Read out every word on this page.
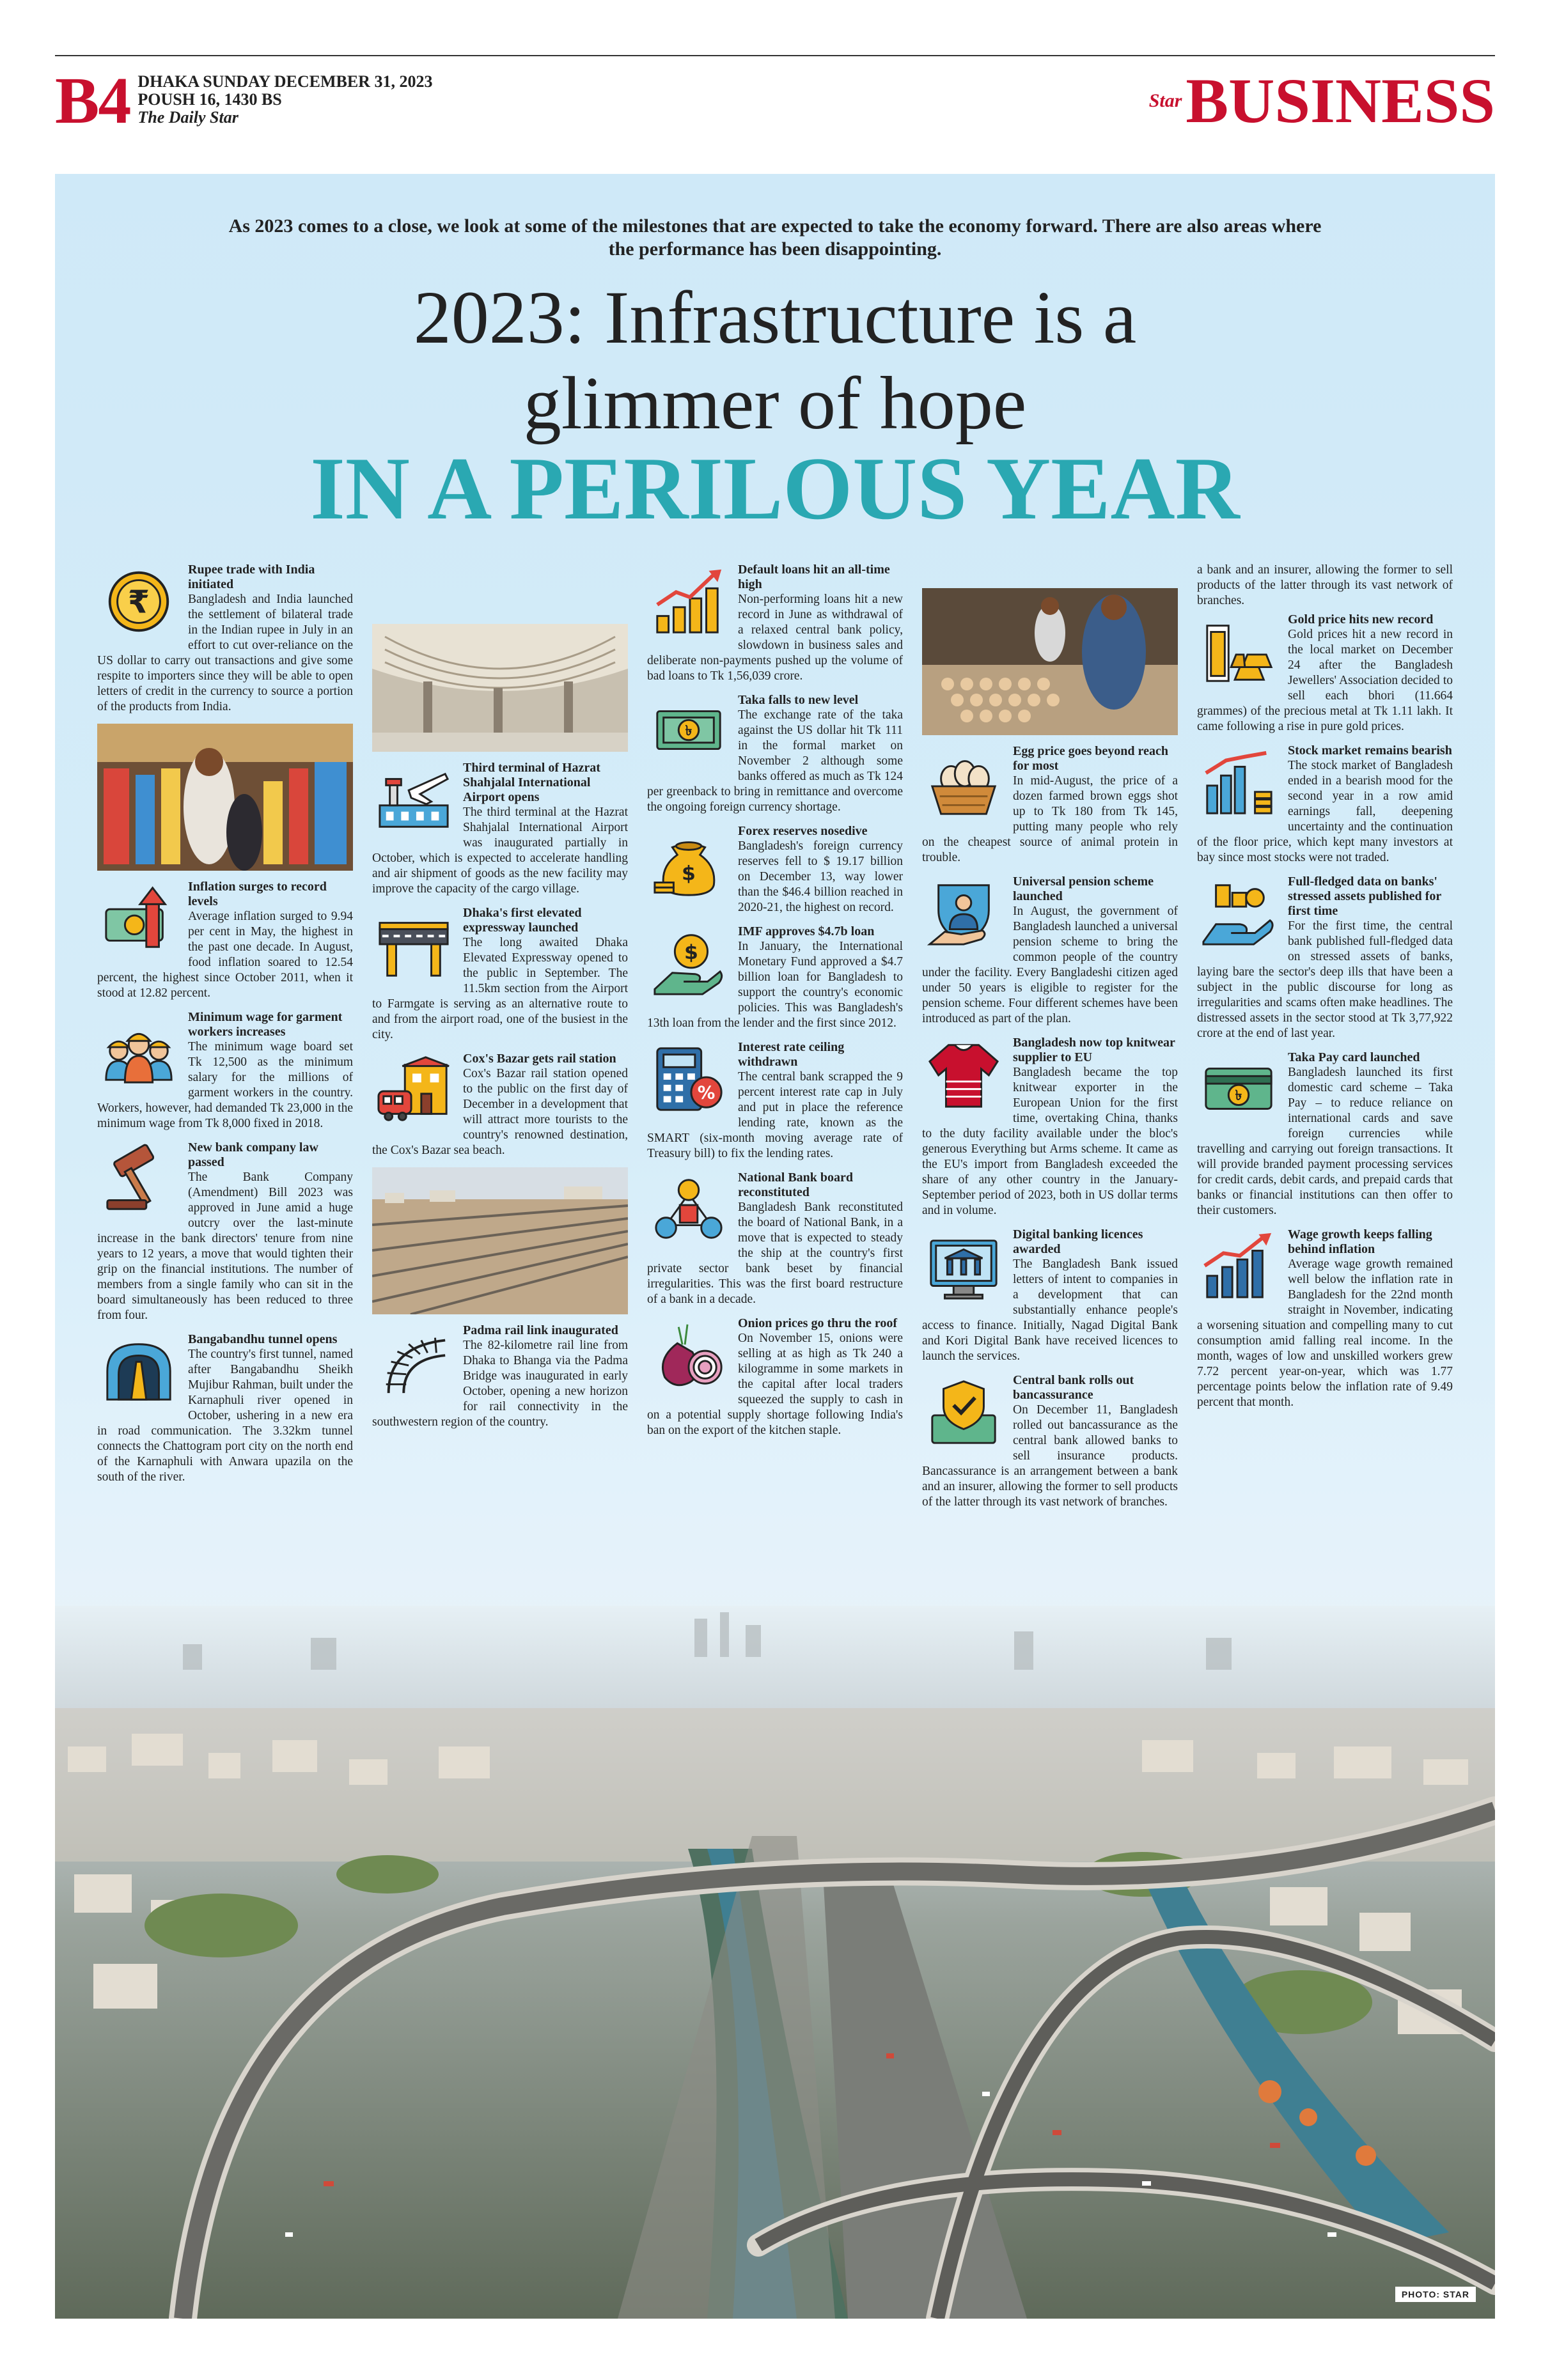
B4 DHAKA SUNDAY DECEMBER 31, 2023
POUSH 16, 1430 BS
The Daily Star
Star BUSINESS
As 2023 comes to a close, we look at some of the milestones that are expected to take the economy forward. There are also areas where the performance has been disappointing.
2023: Infrastructure is a
glimmer of hope
IN A PERILOUS YEAR
₹

Rupee trade with India initiated

Bangladesh and India launched the settlement of bilateral trade in the Indian rupee in July in an effort to cut over-reliance on the US dollar to carry out transactions and give some respite to importers since they will be able to open letters of credit in the currency to source a portion of the products from India.

Inflation surges to record levels

Average inflation surged to 9.94 per cent in May, the highest in the past one decade. In August, food inflation soared to 12.54 percent, the highest since October 2011, when it stood at 12.82 percent.

Minimum wage for garment workers increases

The minimum wage board set Tk 12,500 as the minimum salary for the millions of garment workers in the country. Workers, however, had demanded Tk 23,000 in the minimum wage from Tk 8,000 fixed in 2018.

New bank company law passed

The Bank Company (Amendment) Bill 2023 was approved in June amid a huge outcry over the last-minute increase in the bank directors' tenure from nine years to 12 years, a move that would tighten their grip on the financial institutions. The number of members from a single family who can sit in the board simultaneously has been reduced to three from four.

Bangabandhu tunnel opens

The country's first tunnel, named after Bangabandhu Sheikh Mujibur Rahman, built under the Karnaphuli river opened in October, ushering in a new era in road communication. The 3.32km tunnel connects the Chattogram port city on the north end of the Karnaphuli with Anwara upazila on the south of the river.

Third terminal of Hazrat Shahjalal International Airport opens

The third terminal at the Hazrat Shahjalal International Airport was inaugurated partially in October, which is expected to accelerate handling and air shipment of goods as the new facility may improve the capacity of the cargo village.

Dhaka's first elevated expressway launched

The long awaited Dhaka Elevated Expressway opened to the public in September. The 11.5km section from the Airport to Farmgate is serving as an alternative route to and from the airport road, one of the busiest in the city.

Cox's Bazar gets rail station

Cox's Bazar rail station opened to the public on the first day of December in a development that will attract more tourists to the country's renowned destination, the Cox's Bazar sea beach.

Padma rail link inaugurated

The 82-kilometre rail line from Dhaka to Bhanga via the Padma Bridge was inaugurated in early October, opening a new horizon for rail connectivity in the southwestern region of the country.

Default loans hit an all-time high

Non-performing loans hit a new record in June as withdrawal of a relaxed central bank policy, slowdown in business sales and deliberate non-payments pushed up the volume of bad loans to Tk 1,56,039 crore.

৳

Taka falls to new level

The exchange rate of the taka against the US dollar hit Tk 111 in the formal market on November 2 although some banks offered as much as Tk 124 per greenback to bring in remittance and overcome the ongoing foreign currency shortage.

$

Forex reserves nosedive

Bangladesh's foreign currency reserves fell to $ 19.17 billion on December 13, way lower than the $46.4 billion reached in 2020-21, the highest on record.

$

IMF approves $4.7b loan

In January, the International Monetary Fund approved a $4.7 billion loan for Bangladesh to support the country's economic policies. This was Bangladesh's 13th loan from the lender and the first since 2012.

%

Interest rate ceiling withdrawn

The central bank scrapped the 9 percent interest rate cap in July and put in place the reference lending rate, known as the SMART (six-month moving average rate of Treasury bill) to fix the lending rates.

National Bank board reconstituted

Bangladesh Bank reconstituted the board of National Bank, in a move that is expected to steady the ship at the country's first private sector bank beset by financial irregularities. This was the first board restructure of a bank in a decade.

Onion prices go thru the roof

On November 15, onions were selling at as high as Tk 240 a kilogramme in some markets in the capital after local traders squeezed the supply to cash in on a potential supply shortage following India's ban on the export of the kitchen staple.

Egg price goes beyond reach for most

In mid-August, the price of a dozen farmed brown eggs shot up to Tk 180 from Tk 145, putting many people who rely on the cheapest source of animal protein in trouble.

Universal pension scheme launched

In August, the government of Bangladesh launched a universal pension scheme to bring the common people of the country under the facility. Every Bangladeshi citizen aged under 50 years is eligible to register for the pension scheme. Four different schemes have been introduced as part of the plan.

Bangladesh now top knitwear supplier to EU

Bangladesh became the top knitwear exporter in the European Union for the first time, overtaking China, thanks to the duty facility available under the bloc's generous Everything but Arms scheme. It came as the EU's import from Bangladesh exceeded the share of any other country in the January-September period of 2023, both in US dollar terms and in volume.

Digital banking licences awarded

The Bangladesh Bank issued letters of intent to companies in a development that can substantially enhance people's access to finance. Initially, Nagad Digital Bank and Kori Digital Bank have received licences to launch the services.

Central bank rolls out bancassurance

On December 11, Bangladesh rolled out bancassurance as the central bank allowed banks to sell insurance products. Bancassurance is an arrangement between a bank and an insurer, allowing the former to sell products of the latter through its vast network of branches.

a bank and an insurer, allowing the former to sell products of the latter through its vast network of branches.

Gold price hits new record

Gold prices hit a new record in the local market on December 24 after the Bangladesh Jewellers' Association decided to sell each bhori (11.664 grammes) of the precious metal at Tk 1.11 lakh. It came following a rise in pure gold prices.

Stock market remains bearish

The stock market of Bangladesh ended in a bearish mood for the second year in a row amid earnings fall, deepening uncertainty and the continuation of the floor price, which kept many investors at bay since most stocks were not traded.

Full-fledged data on banks' stressed assets published for first time

For the first time, the central bank published full-fledged data on stressed assets of banks, laying bare the sector's deep ills that have been a subject in the public discourse for long as irregularities and scams often make headlines. The distressed assets in the sector stood at Tk 3,77,922 crore at the end of last year.

৳

Taka Pay card launched

Bangladesh launched its first domestic card scheme – Taka Pay – to reduce reliance on international cards and save foreign currencies while travelling and carrying out foreign transactions. It will provide branded payment processing services for credit cards, debit cards, and prepaid cards that banks or financial institutions can then offer to their customers.

Wage growth keeps falling behind inflation

Average wage growth remained well below the inflation rate in Bangladesh for the 22nd month straight in November, indicating a worsening situation and compelling many to cut consumption amid falling real income. In the month, wages of low and unskilled workers grew 7.72 percent year-on-year, which was 1.77 percentage points below the inflation rate of 9.49 percent that month.

PHOTO: STAR
